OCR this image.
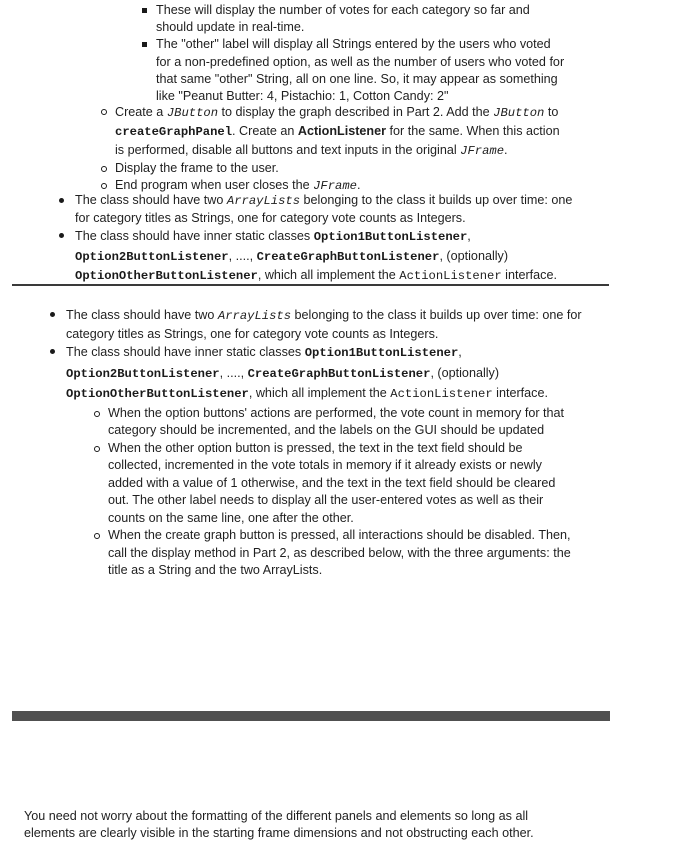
These will display the number of votes for each category so far and should update in real-time.
The "other" label will display all Strings entered by the users who voted for a non-predefined option, as well as the number of users who voted for that same "other" String, all on one line. So, it may appear as something like "Peanut Butter: 4, Pistachio: 1, Cotton Candy: 2"
Create a JButton to display the graph described in Part 2. Add the JButton to createGraphPanel. Create an ActionListener for the same. When this action is performed, disable all buttons and text inputs in the original JFrame.
Display the frame to the user.
End program when user closes the JFrame.
The class should have two ArrayLists belonging to the class it builds up over time: one for category titles as Strings, one for category vote counts as Integers.
The class should have inner static classes Option1ButtonListener, Option2ButtonListener, ...., CreateGraphButtonListener, (optionally) OptionOtherButtonListener, which all implement the ActionListener interface.
The class should have two ArrayLists belonging to the class it builds up over time: one for category titles as Strings, one for category vote counts as Integers.
The class should have inner static classes Option1ButtonListener, Option2ButtonListener, ...., CreateGraphButtonListener, (optionally) OptionOtherButtonListener, which all implement the ActionListener interface.
When the option buttons' actions are performed, the vote count in memory for that category should be incremented, and the labels on the GUI should be updated
When the other option button is pressed, the text in the text field should be collected, incremented in the vote totals in memory if it already exists or newly added with a value of 1 otherwise, and the text in the text field should be cleared out. The other label needs to display all the user-entered votes as well as their counts on the same line, one after the other.
When the create graph button is pressed, all interactions should be disabled. Then, call the display method in Part 2, as described below, with the three arguments: the title as a String and the two ArrayLists.
You need not worry about the formatting of the different panels and elements so long as all elements are clearly visible in the starting frame dimensions and not obstructing each other.
